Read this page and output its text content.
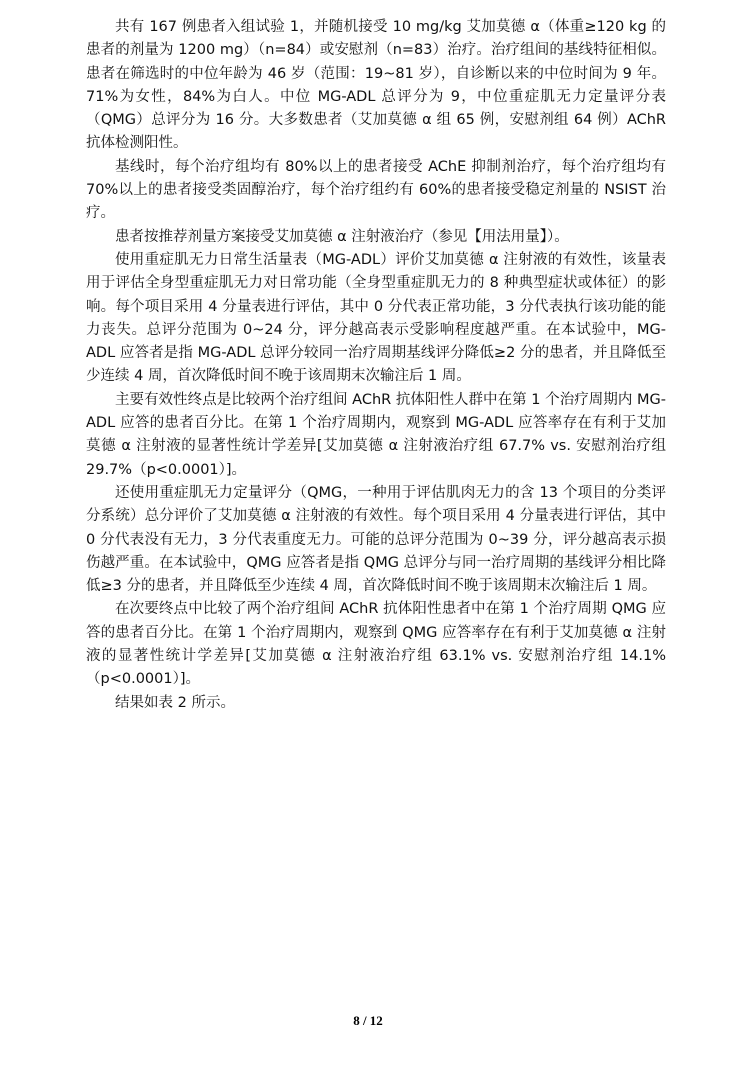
共有 167 例患者入组试验 1，并随机接受 10 mg/kg 艾加莫德 α（体重≥120 kg 的患者的剂量为 1200 mg）（n=84）或安慰剂（n=83）治疗。治疗组间的基线特征相似。患者在筛选时的中位年龄为 46 岁（范围：19~81 岁），自诊断以来的中位时间为 9 年。71%为女性，84%为白人。中位 MG-ADL 总评分为 9，中位重症肌无力定量评分表（QMG）总评分为 16 分。大多数患者（艾加莫德 α 组 65 例，安慰剂组 64 例）AChR 抗体检测阳性。

基线时，每个治疗组均有 80%以上的患者接受 AChE 抑制剂治疗，每个治疗组均有 70%以上的患者接受类固醇治疗，每个治疗组约有 60%的患者接受稳定剂量的 NSIST 治疗。

患者按推荐剂量方案接受艾加莫德 α 注射液治疗（参见【用法用量】）。

使用重症肌无力日常生活量表（MG-ADL）评价艾加莫德 α 注射液的有效性，该量表用于评估全身型重症肌无力对日常功能（全身型重症肌无力的 8 种典型症状或体征）的影响。每个项目采用 4 分量表进行评估，其中 0 分代表正常功能，3 分代表执行该功能的能力丧失。总评分范围为 0~24 分，评分越高表示受影响程度越严重。在本试验中，MG-ADL 应答者是指 MG-ADL 总评分较同一治疗周期基线评分降低≥2 分的患者，并且降低至少连续 4 周，首次降低时间不晚于该周期末次输注后 1 周。

主要有效性终点是比较两个治疗组间 AChR 抗体阳性人群中在第 1 个治疗周期内 MG-ADL 应答的患者百分比。在第 1 个治疗周期内，观察到 MG-ADL 应答率存在有利于艾加莫德 α 注射液的显著性统计学差异[艾加莫德 α 注射液治疗组 67.7% vs. 安慰剂治疗组 29.7%（p<0.0001）]。

还使用重症肌无力定量评分（QMG，一种用于评估肌肉无力的含 13 个项目的分类评分系统）总分评价了艾加莫德 α 注射液的有效性。每个项目采用 4 分量表进行评估，其中 0 分代表没有无力，3 分代表重度无力。可能的总评分范围为 0~39 分，评分越高表示损伤越严重。在本试验中，QMG 应答者是指 QMG 总评分与同一治疗周期的基线评分相比降低≥3 分的患者，并且降低至少连续 4 周，首次降低时间不晚于该周期末次输注后 1 周。

在次要终点中比较了两个治疗组间 AChR 抗体阳性患者中在第 1 个治疗周期 QMG 应答的患者百分比。在第 1 个治疗周期内，观察到 QMG 应答率存在有利于艾加莫德 α 注射液的显著性统计学差异[艾加莫德 α 注射液治疗组 63.1% vs. 安慰剂治疗组 14.1%（p<0.0001）]。

结果如表 2 所示。

8 / 12
